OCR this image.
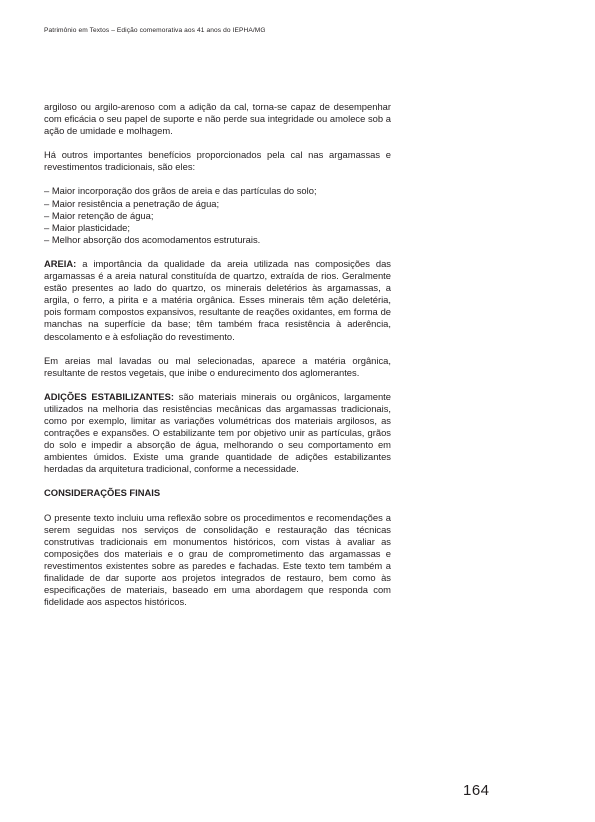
Patrimônio em Textos – Edição comemorativa aos 41 anos do IEPHA/MG

argiloso ou argilo-arenoso com a adição da cal, torna-se capaz de desempenhar com eficácia o seu papel de suporte e não perde sua integridade ou amolece sob a ação de umidade e molhagem.

Há outros importantes benefícios proporcionados pela cal nas argamassas e revestimentos tradicionais, são eles:

– Maior incorporação dos grãos de areia e das partículas do solo;
– Maior resistência a penetração de água;
– Maior retenção de água;
– Maior plasticidade;
– Melhor absorção dos acomodamentos estruturais.

AREIA: a importância da qualidade da areia utilizada nas composições das argamassas é a areia natural constituída de quartzo, extraída de rios. Geralmente estão presentes ao lado do quartzo, os minerais deletérios às argamassas, a argila, o ferro, a pirita e a matéria orgânica. Esses minerais têm ação deletéria, pois formam compostos expansivos, resultante de reações oxidantes, em forma de manchas na superfície da base; têm também fraca resistência à aderência, descolamento e à esfoliação do revestimento.

Em areias mal lavadas ou mal selecionadas, aparece a matéria orgânica, resultante de restos vegetais, que inibe o endurecimento dos aglomerantes.

ADIÇÕES ESTABILIZANTES: são materiais minerais ou orgânicos, largamente utilizados na melhoria das resistências mecânicas das argamassas tradicionais, como por exemplo, limitar as variações volumétricas dos materiais argilosos, as contrações e expansões. O estabilizante tem por objetivo unir as partículas, grãos do solo e impedir a absorção de água, melhorando o seu comportamento em ambientes úmidos. Existe uma grande quantidade de adições estabilizantes herdadas da arquitetura tradicional, conforme a necessidade.

CONSIDERAÇÕES FINAIS

O presente texto incluiu uma reflexão sobre os procedimentos e recomendações a serem seguidas nos serviços de consolidação e restauração das técnicas construtivas tradicionais em monumentos históricos, com vistas à avaliar as composições dos materiais e o grau de comprometimento das argamassas e revestimentos existentes sobre as paredes e fachadas. Este texto tem também a finalidade de dar suporte aos projetos integrados de restauro, bem como às especificações de materiais, baseado em uma abordagem que responda com fidelidade aos aspectos históricos.

164
